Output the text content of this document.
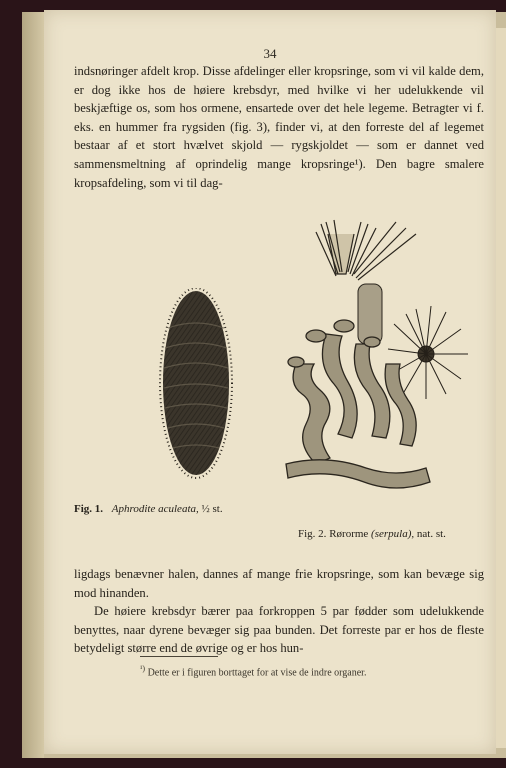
34

indsnøringer afdelt krop. Disse afdelinger eller kropsringe, som vi vil kalde dem, er dog ikke hos de høiere krebsdyr, med hvilke vi her udelukkende vil beskjæftige os, som hos ormene, ensartede over det hele legeme. Betragter vi f. eks. en hummer fra rygsiden (fig. 3), finder vi, at den forreste del af legemet bestaar af et stort hvælvet skjold — rygskjoldet — som er dannet ved sammensmeltning af oprindelig mange kropsringe¹). Den bagre smalere kropsafdeling, som vi til dag-

Fig. 1. Aphrodite aculeata, ½ st.
Fig. 2. Rørorme (serpula), nat. st.

ligdags benævner halen, dannes af mange frie kropsringe, som kan bevæge sig mod hinanden.

De høiere krebsdyr bærer paa forkroppen 5 par fødder som udelukkende benyttes, naar dyrene bevæger sig paa bunden. Det forreste par er hos de fleste betydeligt større end de øvrige og er hos hun-

$^{^1)}$ Dette er i figuren borttaget for at vise de indre organer.
